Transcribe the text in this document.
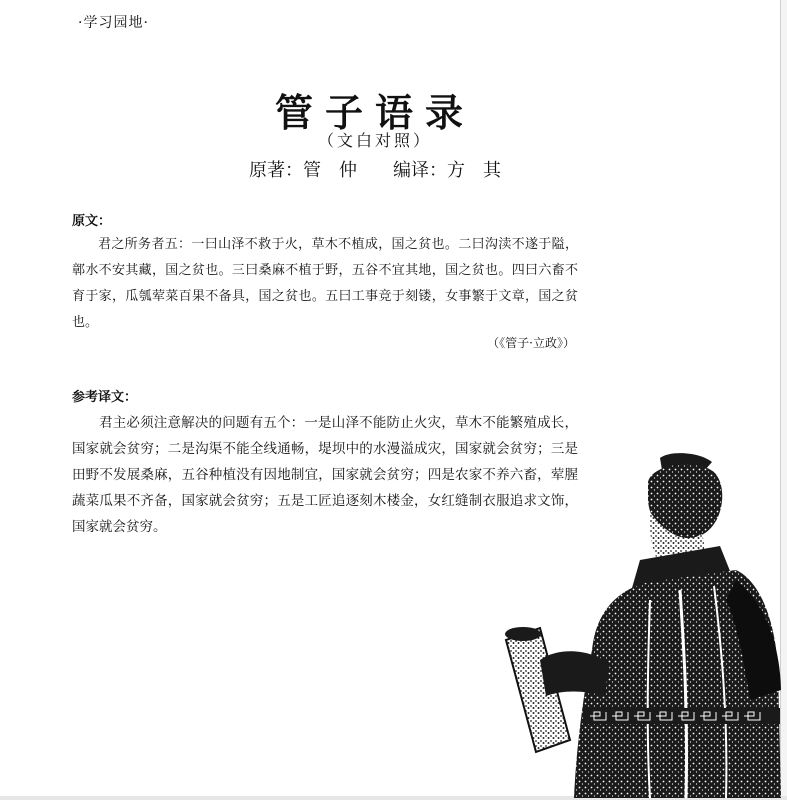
·学习园地·
管子语录
（文白对照）
原著：管　仲 编译：方　其
原文：

君之所务者五：一曰山泽不救于火，草木不植成，国之贫也。二曰沟渎不遂于隘，鄣水不安其藏，国之贫也。三曰桑麻不植于野，五谷不宜其地，国之贫也。四曰六畜不育于家，瓜瓠荤菜百果不备具，国之贫也。五曰工事竞于刻镂，女事繁于文章，国之贫也。

（《管子·立政》）
参考译文：

君主必须注意解决的问题有五个：一是山泽不能防止火灾，草木不能繁殖成长，国家就会贫穷；二是沟渠不能全线通畅，堤坝中的水漫溢成灾，国家就会贫穷；三是田野不发展桑麻，五谷种植没有因地制宜，国家就会贫穷；四是农家不养六畜，荤腥蔬菜瓜果不齐备，国家就会贫穷；五是工匠追逐刻木楼金，女红缝制衣服追求文饰，国家就会贫穷。
